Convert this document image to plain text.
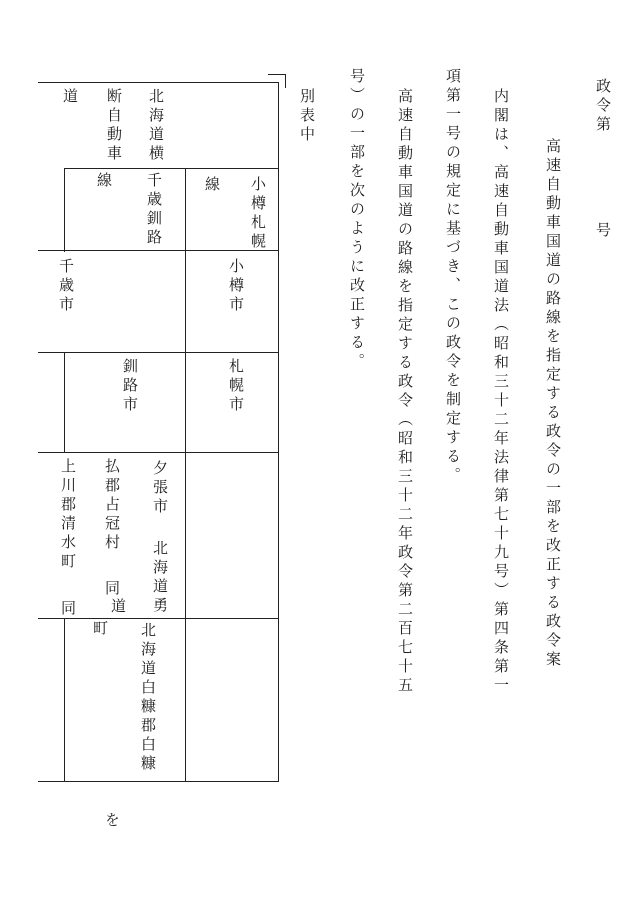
政令第
号
高速自動車国道の路線を指定する政令の一部を改正する政令案
内閣は、高速自動車国道法（昭和三十二年法律第七十九号）第四条第一
項第一号の規定に基づき、この政令を制定する。
高速自動車国道の路線を指定する政令（昭和三十二年政令第二百七十五
号）の一部を次のように改正する。
別表中
北海道横
断自動車
道
小樽札幌
線
千歳釧路
線
小樽市
千歳市
札幌市
釧路市
夕張市
北海道勇
払郡占冠村
同
道
上川郡清水町
同
町 北海道白糠郡白糠
を
